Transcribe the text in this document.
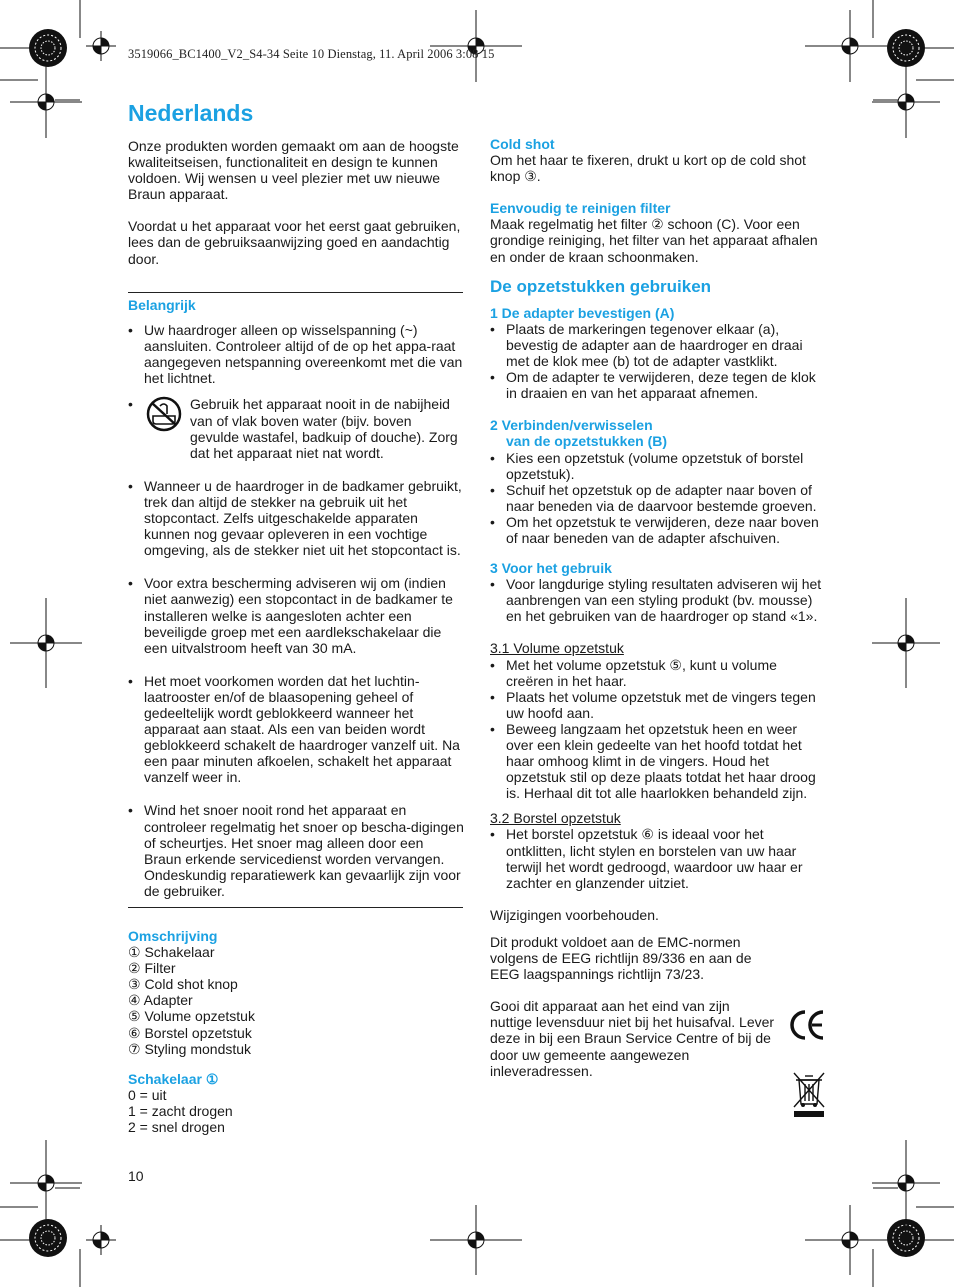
3519066_BC1400_V2_S4-34 Seite 10 Dienstag, 11. April 2006 3:08 15
Nederlands

Onze produkten worden gemaakt om aan de hoogste kwaliteitseisen, functionaliteit en design te kunnen voldoen. Wij wensen u veel plezier met uw nieuwe Braun apparaat.

Voordat u het apparaat voor het eerst gaat gebruiken, lees dan de gebruiksaanwijzing goed en aandachtig door.

Belangrijk

• Uw haardroger alleen op wisselspanning (~) aansluiten. Controleer altijd of de op het appa-raat aangegeven netspanning overeenkomt met die van het lichtnet.
• Gebruik het apparaat nooit in de nabijheid van of vlak boven water (bijv. boven gevulde wastafel, badkuip of douche). Zorg dat het apparaat niet nat wordt.
• Wanneer u de haardroger in de badkamer gebruikt, trek dan altijd de stekker na gebruik uit het stopcontact. Zelfs uitgeschakelde apparaten kunnen nog gevaar opleveren in een vochtige omgeving, als de stekker niet uit het stopcontact is.
• Voor extra bescherming adviseren wij om (indien niet aanwezig) een stopcontact in de badkamer te installeren welke is aangesloten achter een beveiligde groep met een aardlekschakelaar die een uitvalstroom heeft van 30 mA.
• Het moet voorkomen worden dat het luchtin-laatrooster en/of de blaasopening geheel of gedeeltelijk wordt geblokkeerd wanneer het apparaat aan staat. Als een van beiden wordt geblokkeerd schakelt de haardroger vanzelf uit. Na een paar minuten afkoelen, schakelt het apparaat vanzelf weer in.
• Wind het snoer nooit rond het apparaat en controleer regelmatig het snoer op bescha-digingen of scheurtjes. Het snoer mag alleen door een Braun erkende servicedienst worden vervangen. Ondeskundig reparatiewerk kan gevaarlijk zijn voor de gebruiker.

Omschrijving

① Schakelaar

② Filter

③ Cold shot knop

④ Adapter

⑤ Volume opzetstuk

⑥ Borstel opzetstuk

⑦ Styling mondstuk

Schakelaar ①

0 = uit

1 = zacht drogen

2 = snel drogen

10

Cold shot

Om het haar te fixeren, drukt u kort op de cold shot knop ③.

Eenvoudig te reinigen filter

Maak regelmatig het filter ② schoon (C). Voor een grondige reiniging, het filter van het apparaat afhalen en onder de kraan schoonmaken.

De opzetstukken gebruiken

1 De adapter bevestigen (A)

• Plaats de markeringen tegenover elkaar (a), bevestig de adapter aan de haardroger en draai met de klok mee (b) tot de adapter vastklikt.
• Om de adapter te verwijderen, deze tegen de klok in draaien en van het apparaat afnemen.

2 Verbinden/verwisselen

van de opzetstukken (B)

• Kies een opzetstuk (volume opzetstuk of borstel opzetstuk).
• Schuif het opzetstuk op de adapter naar boven of naar beneden via de daarvoor bestemde groeven.
• Om het opzetstuk te verwijderen, deze naar boven of naar beneden van de adapter afschuiven.

3 Voor het gebruik

• Voor langdurige styling resultaten adviseren wij het aanbrengen van een styling produkt (bv. mousse) en het gebruiken van de haardroger op stand «1».

3.1 Volume opzetstuk

• Met het volume opzetstuk ⑤, kunt u volume creëren in het haar.
• Plaats het volume opzetstuk met de vingers tegen uw hoofd aan.
• Beweeg langzaam het opzetstuk heen en weer over een klein gedeelte van het hoofd totdat het haar omhoog klimt in de vingers. Houd het opzetstuk stil op deze plaats totdat het haar droog is. Herhaal dit tot alle haarlokken behandeld zijn.

3.2 Borstel opzetstuk

• Het borstel opzetstuk ⑥ is ideaal voor het ontklitten, licht stylen en borstelen van uw haar terwijl het wordt gedroogd, waardoor uw haar er zachter en glanzender uitziet.

Wijzigingen voorbehouden.

Dit produkt voldoet aan de EMC-normen volgens de EEG richtlijn 89/336 en aan de EEG laagspannings richtlijn 73/23.

Gooi dit apparaat aan het eind van zijn nuttige levensduur niet bij het huisafval. Lever deze in bij een Braun Service Centre of bij de door uw gemeente aangewezen inleveradressen.
